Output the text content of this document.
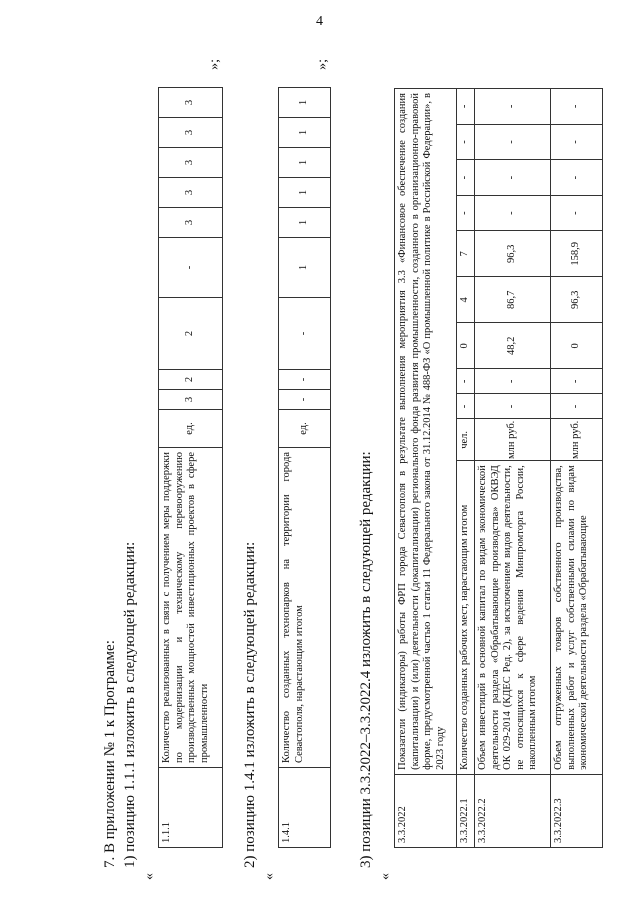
4
7. В приложении № 1 к Программе: 1) позицию 1.1.1 изложить в следующей редакции:
«
1.1.1	Количество реализованных в связи с получением меры поддержки по модернизации и техническому перевооружению производственных мощностей инвестиционных проектов в сфере промышленности	ед.	3	2	2	-	3	3	3	3	3
»;
2) позицию 1.4.1 изложить в следующей редакции:
«
1.4.1	Количество созданных технопарков на территории города Севастополя, нарастающим итогом	ед.	-	-	-	1	1	1	1	1	1
»;
3) позиции 3.3.2022–3.3.2022.4 изложить в следующей редакции:
«
3.3.2022	Показатели (индикаторы) работы ФРП города Севастополя в результате выполнения мероприятия 3.3 «Финансовое обеспечение создания (капитализации) и (или) деятельности (докапитализации) регионального фонда развития промышленности, созданного в организационно-правовой форме, предусмотренной частью 1 статьи 11 Федерального закона от 31.12.2014 № 488-ФЗ «О промышленной политике в Российской Федерации», в 2023 году										
3.3.2022.1	Количество созданных рабочих мест, нарастающим итогом	чел.	-	-	0	4	7	-	-	-	-
3.3.2022.2	Объем инвестиций в основной капитал по видам экономической деятельности раздела «Обрабатывающие производства» ОКВЭД ОК 029-2014 (КДЕС Ред. 2), за исключением видов деятельности, не относящихся к сфере ведения Минпромторга России, накопленным итогом	млн руб.	-	-	48,2	86,7	96,3	-	-	-	-
3.3.2022.3	Объем отгруженных товаров собственного производства, выполненных работ и услуг собственными силами по видам экономической деятельности раздела «Обрабатывающие	млн руб.	-	-	0	96,3	158,9	-	-	-	-
